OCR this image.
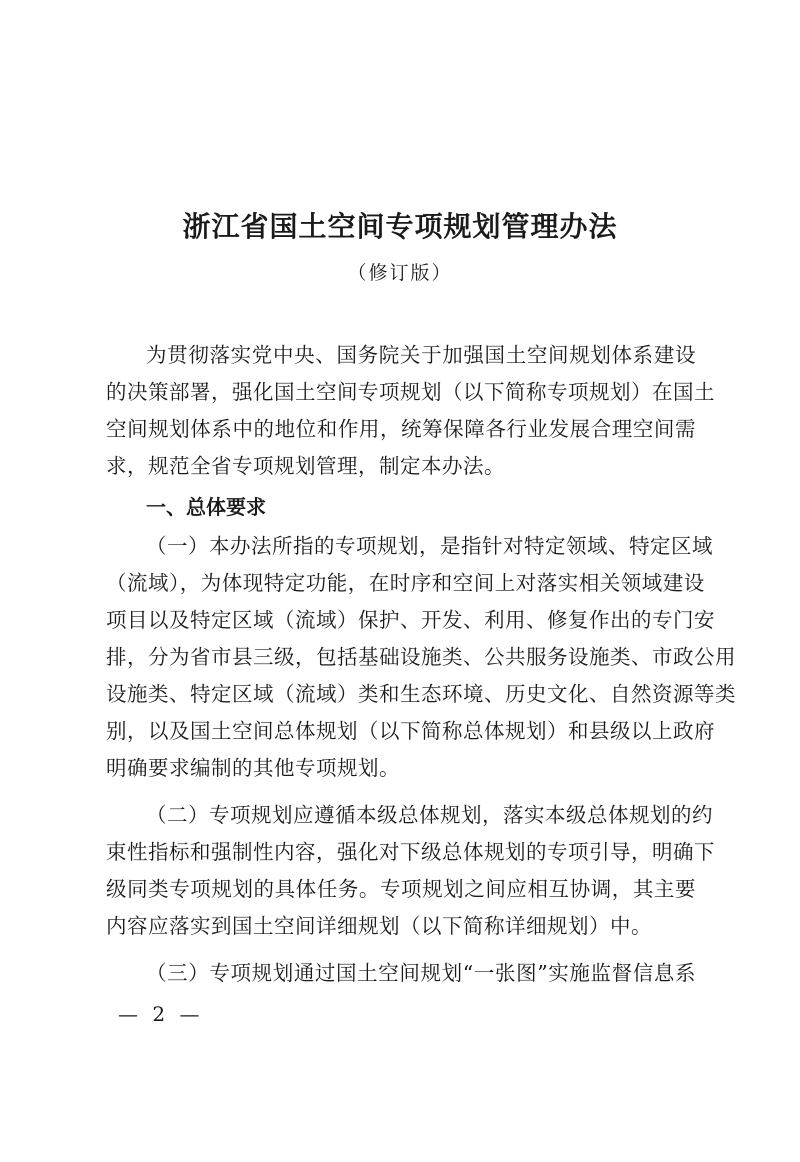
浙江省国土空间专项规划管理办法
（修订版）
为贯彻落实党中央、国务院关于加强国土空间规划体系建设
的决策部署，强化国土空间专项规划（以下简称专项规划）在国土
空间规划体系中的地位和作用，统筹保障各行业发展合理空间需
求，规范全省专项规划管理，制定本办法。
一、总体要求
（一）本办法所指的专项规划，是指针对特定领域、特定区域
（流域），为体现特定功能，在时序和空间上对落实相关领域建设
项目以及特定区域（流域）保护、开发、利用、修复作出的专门安
排，分为省市县三级，包括基础设施类、公共服务设施类、市政公用
设施类、特定区域（流域）类和生态环境、历史文化、自然资源等类
别，以及国土空间总体规划（以下简称总体规划）和县级以上政府
明确要求编制的其他专项规划。
（二）专项规划应遵循本级总体规划，落实本级总体规划的约
束性指标和强制性内容，强化对下级总体规划的专项引导，明确下
级同类专项规划的具体任务。专项规划之间应相互协调，其主要
内容应落实到国土空间详细规划（以下简称详细规划）中。
（三）专项规划通过国土空间规划“一张图”实施监督信息系
— 2 —
